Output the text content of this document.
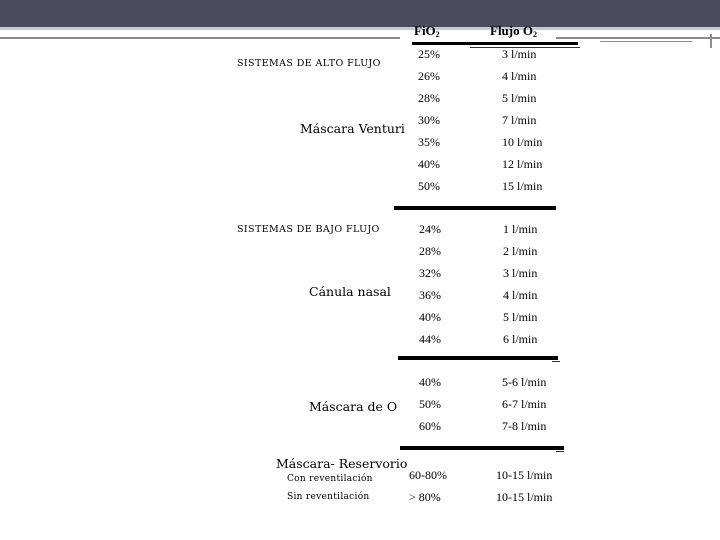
FiO$_2$	Flujo $O_2$
SISTEMAS DE ALTO FLUJO
Máscara Venturi
25%	3 l/min
26%	4 l/min
28%	5 l/min
30%	7 l/min
35%	10 l/min
40%	12 l/min
50%	15 l/min
SISTEMAS DE BAJO FLUJO
Cánula nasal
24%	1 l/min
28%	2 l/min
32%	3 l/min
36%	4 l/min
40%	5 l/min
44%	6 l/min
Máscara de O
40%	5-6 l/min
50%	6-7 l/min
60%	7-8 l/min
Máscara- Reservorio
Con reventilación
Sin reventilación
60-80%	10-15 l/min
> 80%	10-15 l/min
